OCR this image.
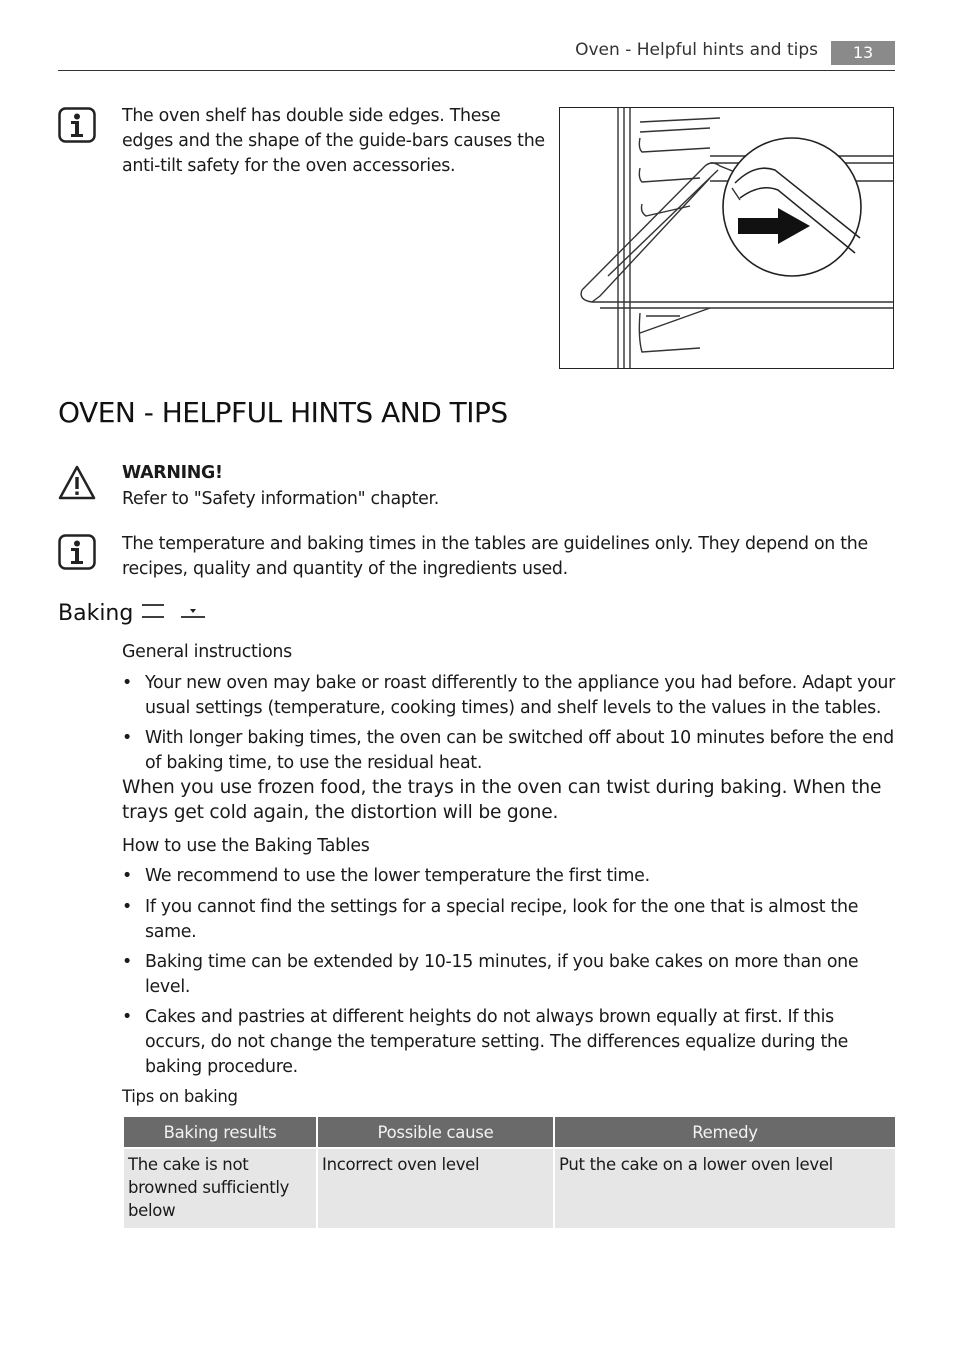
Oven - Helpful hints and tips	13
The oven shelf has double side edges. These edges and the shape of the guide-bars causes the anti-tilt safety for the oven accessories.
OVEN - HELPFUL HINTS AND TIPS
WARNING!
Refer to "Safety information" chapter.
The temperature and baking times in the tables are guidelines only. They depend on the recipes, quality and quantity of the ingredients used.
Baking
General instructions
• Your new oven may bake or roast differently to the appliance you had before. Adapt your usual settings (temperature, cooking times) and shelf levels to the values in the tables.
• With longer baking times, the oven can be switched off about 10 minutes before the end of baking time, to use the residual heat.
When you use frozen food, the trays in the oven can twist during baking. When the trays get cold again, the distortion will be gone.
How to use the Baking Tables
• We recommend to use the lower temperature the first time.
• If you cannot find the settings for a special recipe, look for the one that is almost the same.
• Baking time can be extended by 10-15 minutes, if you bake cakes on more than one level.
• Cakes and pastries at different heights do not always brown equally at first. If this occurs, do not change the temperature setting. The differences equalize during the baking procedure.
Tips on baking
Baking results	Possible cause	Remedy

The cake is not browned sufficiently below	Incorrect oven level	Put the cake on a lower oven level
